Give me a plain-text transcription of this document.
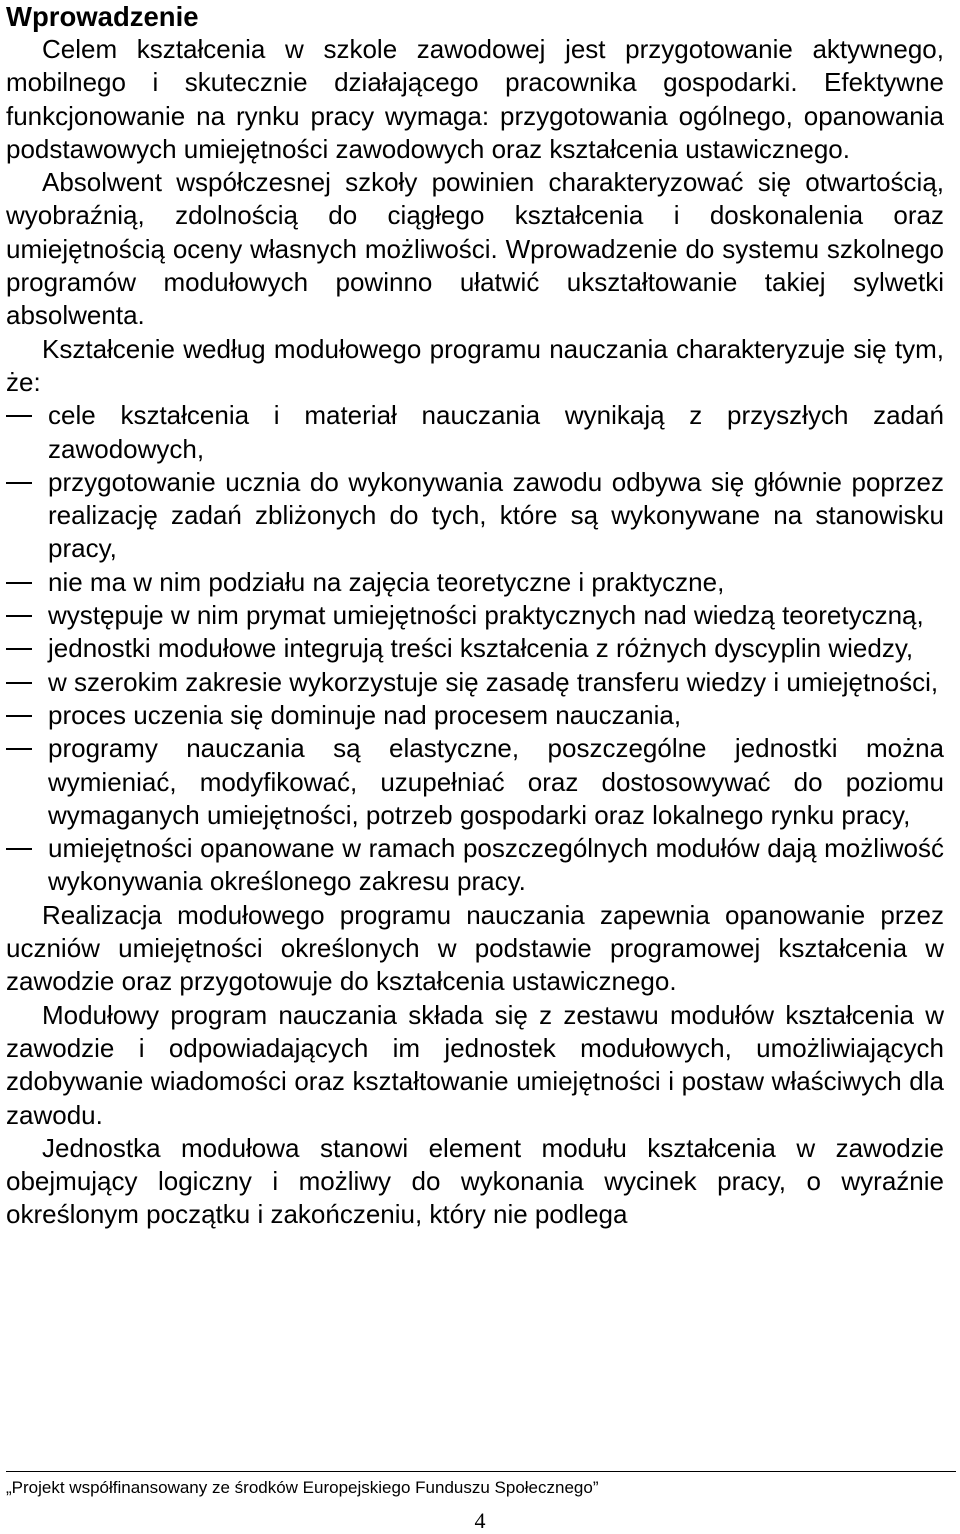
Wprowadzenie

Celem kształcenia w szkole zawodowej jest przygotowanie aktywnego, mobilnego i skutecznie działającego pracownika gospodarki. Efektywne funkcjonowanie na rynku pracy wymaga: przygotowania ogólnego, opanowania podstawowych umiejętności zawodowych oraz kształcenia ustawicznego.

Absolwent współczesnej szkoły powinien charakteryzować się otwartością, wyobraźnią, zdolnością do ciągłego kształcenia i doskonalenia oraz umiejętnością oceny własnych możliwości. Wprowadzenie do systemu szkolnego programów modułowych powinno ułatwić ukształtowanie takiej sylwetki absolwenta.

Kształcenie według modułowego programu nauczania charakteryzuje się tym, że:

cele kształcenia i materiał nauczania wynikają z przyszłych zadań zawodowych,
przygotowanie ucznia do wykonywania zawodu odbywa się głównie poprzez realizację zadań zbliżonych do tych, które są wykonywane na stanowisku pracy,
nie ma w nim podziału na zajęcia teoretyczne i praktyczne,
występuje w nim prymat umiejętności praktycznych nad wiedzą teoretyczną,
jednostki modułowe integrują treści kształcenia z różnych dyscyplin wiedzy,
w szerokim zakresie wykorzystuje się zasadę transferu wiedzy i umiejętności,
proces uczenia się dominuje nad procesem nauczania,
programy nauczania są elastyczne, poszczególne jednostki można wymieniać, modyfikować, uzupełniać oraz dostosowywać do poziomu wymaganych umiejętności, potrzeb gospodarki oraz lokalnego rynku pracy,
umiejętności opanowane w ramach poszczególnych modułów dają możliwość wykonywania określonego zakresu pracy.

Realizacja modułowego programu nauczania zapewnia opanowanie przez uczniów umiejętności określonych w podstawie programowej kształcenia w zawodzie oraz przygotowuje do kształcenia ustawicznego.

Modułowy program nauczania składa się z zestawu modułów kształcenia w zawodzie i odpowiadających im jednostek modułowych, umożliwiających zdobywanie wiadomości oraz kształtowanie umiejętności i postaw właściwych dla zawodu.

Jednostka modułowa stanowi element modułu kształcenia w zawodzie obejmujący logiczny i możliwy do wykonania wycinek pracy, o wyraźnie określonym początku i zakończeniu, który nie podlega

„Projekt współfinansowany ze środków Europejskiego Funduszu Społecznego”
4
